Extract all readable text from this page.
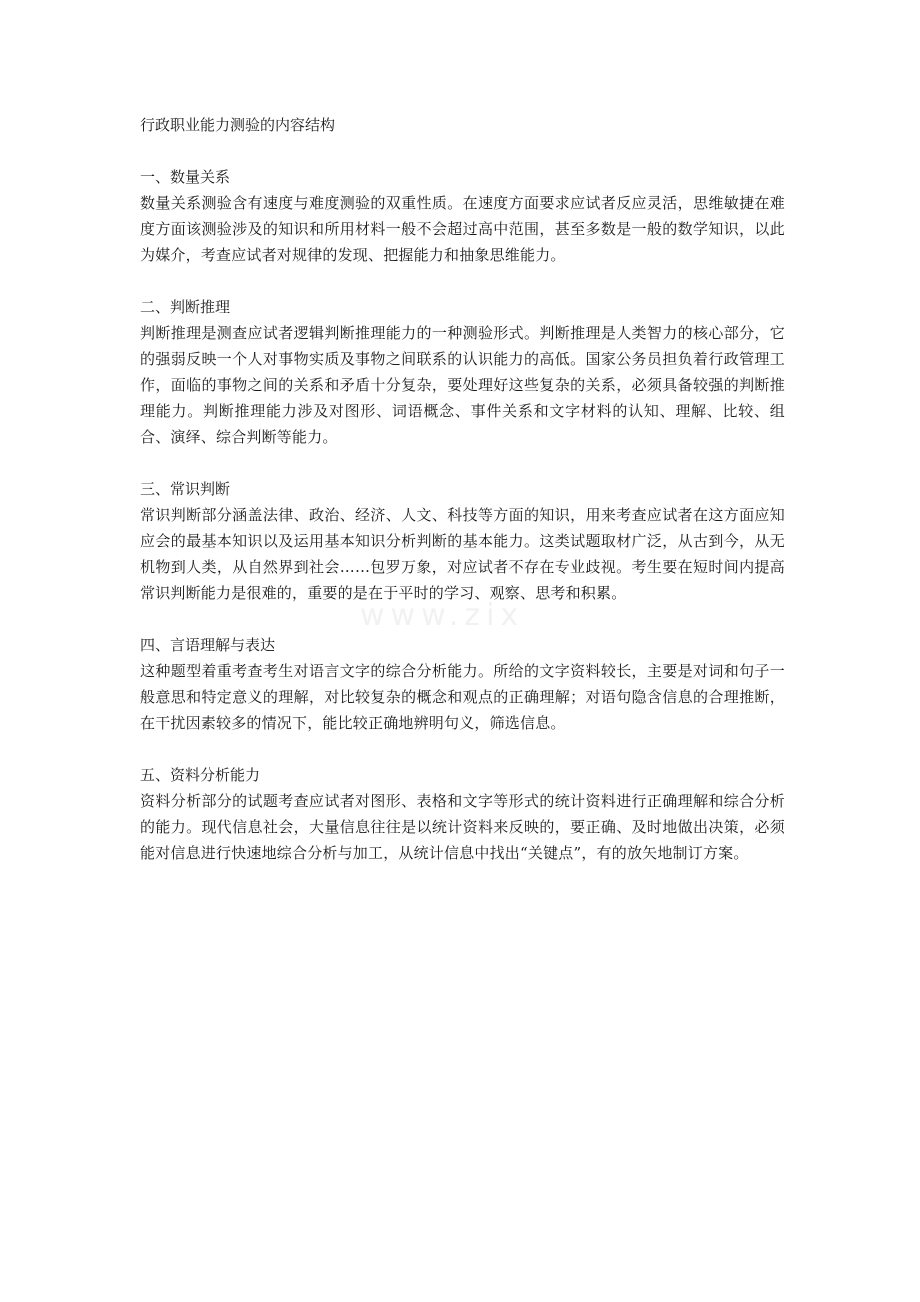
行政职业能力测验的内容结构
一、数量关系

数量关系测验含有速度与难度测验的双重性质。在速度方面要求应试者反应灵活，思维敏捷在难度方面该测验涉及的知识和所用材料一般不会超过高中范围，甚至多数是一般的数学知识，以此为媒介，考查应试者对规律的发现、把握能力和抽象思维能力。

二、判断推理

判断推理是测查应试者逻辑判断推理能力的一种测验形式。判断推理是人类智力的核心部分，它的强弱反映一个人对事物实质及事物之间联系的认识能力的高低。国家公务员担负着行政管理工作，面临的事物之间的关系和矛盾十分复杂，要处理好这些复杂的关系，必须具备较强的判断推理能力。判断推理能力涉及对图形、词语概念、事件关系和文字材料的认知、理解、比较、组合、演绎、综合判断等能力。

三、常识判断

常识判断部分涵盖法律、政治、经济、人文、科技等方面的知识，用来考查应试者在这方面应知应会的最基本知识以及运用基本知识分析判断的基本能力。这类试题取材广泛，从古到今，从无机物到人类，从自然界到社会……包罗万象，对应试者不存在专业歧视。考生要在短时间内提高常识判断能力是很难的，重要的是在于平时的学习、观察、思考和积累。

四、言语理解与表达

这种题型着重考查考生对语言文字的综合分析能力。所给的文字资料较长，主要是对词和句子一般意思和特定意义的理解，对比较复杂的概念和观点的正确理解；对语句隐含信息的合理推断，在干扰因素较多的情况下，能比较正确地辨明句义，筛选信息。

五、资料分析能力

资料分析部分的试题考查应试者对图形、表格和文字等形式的统计资料进行正确理解和综合分析的能力。现代信息社会，大量信息往往是以统计资料来反映的，要正确、及时地做出决策，必须能对信息进行快速地综合分析与加工，从统计信息中找出“关键点”，有的放矢地制订方案。

www.zix
